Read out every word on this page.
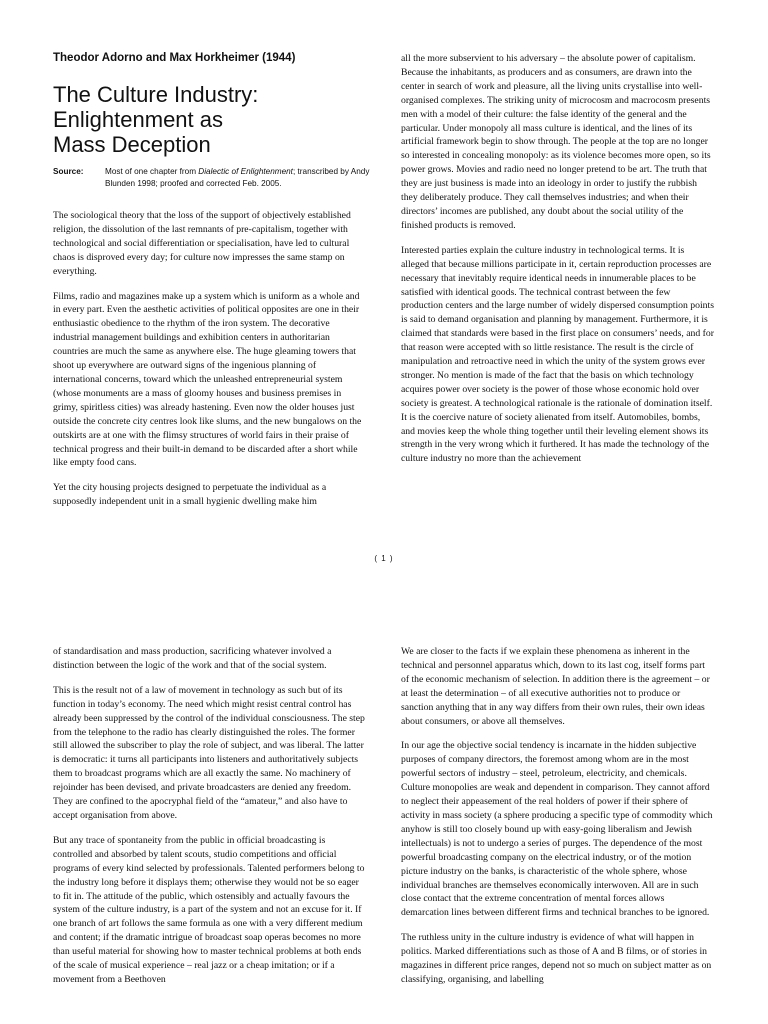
Theodor Adorno and Max Horkheimer (1944)

The Culture Industry:
Enlightenment as
Mass Deception
Source:	Most of one chapter from Dialectic of Enlightenment; transcribed by Andy Blunden 1998; proofed and corrected Feb. 2005.

The sociological theory that the loss of the support of objectively established religion, the dissolution of the last remnants of pre-capitalism, together with technological and social differentiation or specialisation, have led to cultural chaos is disproved every day; for culture now impresses the same stamp on everything.

Films, radio and magazines make up a system which is uniform as a whole and in every part. Even the aesthetic activities of political opposites are one in their enthusiastic obedience to the rhythm of the iron system. The decorative industrial management buildings and exhibition centers in authoritarian countries are much the same as anywhere else. The huge gleaming towers that shoot up everywhere are outward signs of the ingenious planning of international concerns, toward which the unleashed entrepreneurial system (whose monuments are a mass of gloomy houses and business premises in grimy, spiritless cities) was already hastening. Even now the older houses just outside the concrete city centres look like slums, and the new bungalows on the outskirts are at one with the flimsy structures of world fairs in their praise of technical progress and their built-in demand to be discarded after a short while like empty food cans.

Yet the city housing projects designed to perpetuate the individual as a supposedly independent unit in a small hygienic dwelling make him

all the more subservient to his adversary – the absolute power of capitalism. Because the inhabitants, as producers and as consumers, are drawn into the center in search of work and pleasure, all the living units crystallise into well-organised complexes. The striking unity of microcosm and macrocosm presents men with a model of their culture: the false identity of the general and the particular. Under monopoly all mass culture is identical, and the lines of its artificial framework begin to show through. The people at the top are no longer so interested in concealing monopoly: as its violence becomes more open, so its power grows. Movies and radio need no longer pretend to be art. The truth that they are just business is made into an ideology in order to justify the rubbish they deliberately produce. They call themselves industries; and when their directors’ incomes are published, any doubt about the social utility of the finished products is removed.

Interested parties explain the culture industry in technological terms. It is alleged that because millions participate in it, certain reproduction processes are necessary that inevitably require identical needs in innumerable places to be satisfied with identical goods. The technical contrast between the few production centers and the large number of widely dispersed consumption points is said to demand organisation and planning by management. Furthermore, it is claimed that standards were based in the first place on consumers’ needs, and for that reason were accepted with so little resistance. The result is the circle of manipulation and retroactive need in which the unity of the system grows ever stronger. No mention is made of the fact that the basis on which technology acquires power over society is the power of those whose economic hold over society is greatest. A technological rationale is the rationale of domination itself. It is the coercive nature of society alienated from itself. Automobiles, bombs, and movies keep the whole thing together until their leveling element shows its strength in the very wrong which it furthered. It has made the technology of the culture industry no more than the achievement

( 1 )

of standardisation and mass production, sacrificing whatever involved a distinction between the logic of the work and that of the social system.

This is the result not of a law of movement in technology as such but of its function in today’s economy. The need which might resist central control has already been suppressed by the control of the individual consciousness. The step from the telephone to the radio has clearly distinguished the roles. The former still allowed the subscriber to play the role of subject, and was liberal. The latter is democratic: it turns all participants into listeners and authoritatively subjects them to broadcast programs which are all exactly the same. No machinery of rejoinder has been devised, and private broadcasters are denied any freedom. They are confined to the apocryphal field of the “amateur,” and also have to accept organisation from above.

But any trace of spontaneity from the public in official broadcasting is controlled and absorbed by talent scouts, studio competitions and official programs of every kind selected by professionals. Talented performers belong to the industry long before it displays them; otherwise they would not be so eager to fit in. The attitude of the public, which ostensibly and actually favours the system of the culture industry, is a part of the system and not an excuse for it. If one branch of art follows the same formula as one with a very different medium and content; if the dramatic intrigue of broadcast soap operas becomes no more than useful material for showing how to master technical problems at both ends of the scale of musical experience – real jazz or a cheap imitation; or if a movement from a Beethoven

We are closer to the facts if we explain these phenomena as inherent in the technical and personnel apparatus which, down to its last cog, itself forms part of the economic mechanism of selection. In addition there is the agreement – or at least the determination – of all executive authorities not to produce or sanction anything that in any way differs from their own rules, their own ideas about consumers, or above all themselves.

In our age the objective social tendency is incarnate in the hidden subjective purposes of company directors, the foremost among whom are in the most powerful sectors of industry – steel, petroleum, electricity, and chemicals. Culture monopolies are weak and dependent in comparison. They cannot afford to neglect their appeasement of the real holders of power if their sphere of activity in mass society (a sphere producing a specific type of commodity which anyhow is still too closely bound up with easy-going liberalism and Jewish intellectuals) is not to undergo a series of purges. The dependence of the most powerful broadcasting company on the electrical industry, or of the motion picture industry on the banks, is characteristic of the whole sphere, whose individual branches are themselves economically interwoven. All are in such close contact that the extreme concentration of mental forces allows demarcation lines between different firms and technical branches to be ignored.

The ruthless unity in the culture industry is evidence of what will happen in politics. Marked differentiations such as those of A and B films, or of stories in magazines in different price ranges, depend not so much on subject matter as on classifying, organising, and labelling
